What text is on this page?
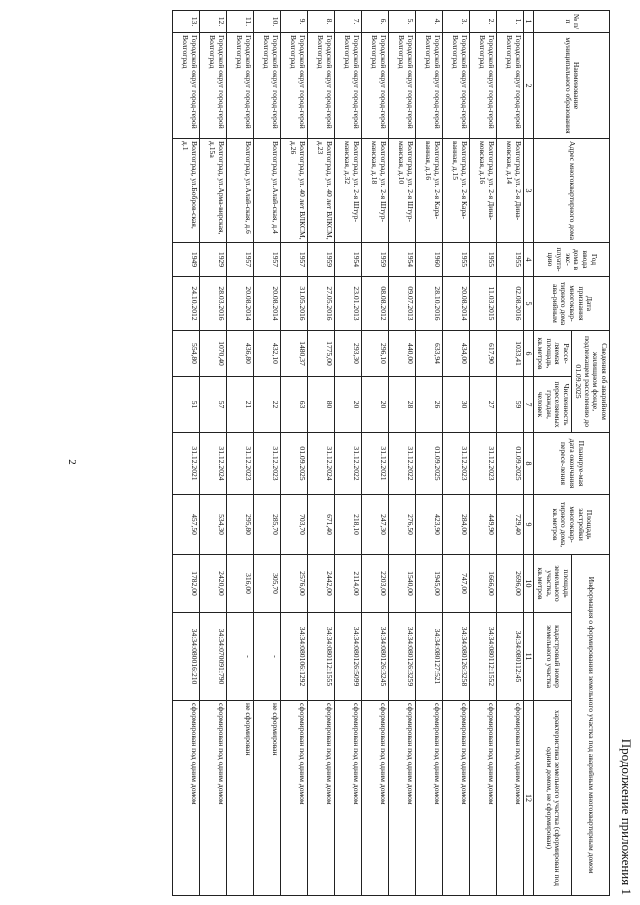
2
Продолжение приложения 1
№ п/п	Наименование муниципального образования	Адрес многоквартирного дома	Год ввода дома в экс-плуата-цию	Дата признания многоквар-тирного дома ава-рийным	Сведения об аварийном жилищном фонде, подлежащем расселению до 01.09.2025		Планируе-мая дата окончания пересе-ления	Площадь застройки многоквар-тирного дома, кв.метров	Информация о формировании земельного участка под аварийным многоквартирным домом		
					Рассе-ляемая площадь, кв.метров	Численность переселяемых граждан, человек			площадь земельного участка, кв.метров	кадастровый номер земельного участка	характеристика земельного участка (сформирован под одним домом, не сформирован)
1	2	3	4	5	6	7	8	9	10	11	12
1.	Городской округ город-герой Волгоград	Волгоград, ул. 2-я Дина-мовская, д.14	1955	02.08.2016	1033,41	59	01.09.2025	729,40	2696,00	34:34:080112:45	сформирован под одним домом
2.	Городской округ город-герой Волгоград	Волгоград, ул. 2-я Дина-мовская, д.16	1955	11.03.2015	617,90	27	31.12.2023	449,90	1666,00	34:34:080112:1552	сформирован под одним домом
3.	Городской округ город-герой Волгоград	Волгоград, ул. 2-я Кара-ванная, д.15	1955	20.08.2014	434,00	30	31.12.2023	284,00	747,00	34:34:080126:3258	сформирован под одним домом
4.	Городской округ город-герой Волгоград	Волгоград, ул. 2-я Кара-ванная, д.16	1960	28.10.2016	633,94	26	01.09.2025	423,90	1945,00	34:34:080127:521	сформирован под одним домом
5.	Городской округ город-герой Волгоград	Волгоград, ул. 2-я Штур-манская, д.10	1954	09.07.2013	440,00	28	31.12.2022	276,50	1540,00	34:34:080126:3259	сформирован под одним домом
6.	Городской округ город-герой Волгоград	Волгоград, ул. 2-я Штур-манская, д.18	1959	08.08.2012	296,10	20	31.12.2021	247,30	2203,00	34:34:080126:3245	сформирован под одним домом
7.	Городской округ город-герой Волгоград	Волгоград, ул. 2-я Штур-манская, д.32	1954	23.01.2013	293,30	20	31.12.2022	218,10	2114,00	34:34:080126:5099	сформирован под одним домом
8.	Городской округ город-герой Волгоград	Волгоград, ул. 40 лет ВЛКСМ, д.23	1959	27.05.2016	1775,00	80	31.12.2024	671,40	2442,00	34:34:080112:1555	сформирован под одним домом
9.	Городской округ город-герой Волгоград	Волгоград, ул. 40 лет ВЛКСМ, д.26	1957	31.05.2016	1480,37	63	01.09.2025	703,70	2576,00	34:34:080106:1292	сформирован под одним домом
10.	Городской округ город-герой Волгоград	Волгоград, ул.Алай-ская, д.4	1957	20.08.2014	432,10	22	31.12.2023	285,70	305,70	-	не сформирован
11.	Городской округ город-герой Волгоград	Волгоград, ул.Алай-ская, д.6	1957	20.08.2014	436,80	21	31.12.2023	295,80	316,00	-	не сформирован
12.	Городской округ город-герой Волгоград	Волгоград, ул.Арма-вирская, д.15а	1929	28.03.2016	1070,40	57	31.12.2024	534,30	2420,00	34:34:070091:790	сформирован под одним домом
13.	Городской округ город-герой Волгоград	Волгоград, ул.Бобров-ская, д.1	1949	24.10.2012	554,80	51	31.12.2021	457,50	1782,00	34:34:080016:210	сформирован под одним домом
